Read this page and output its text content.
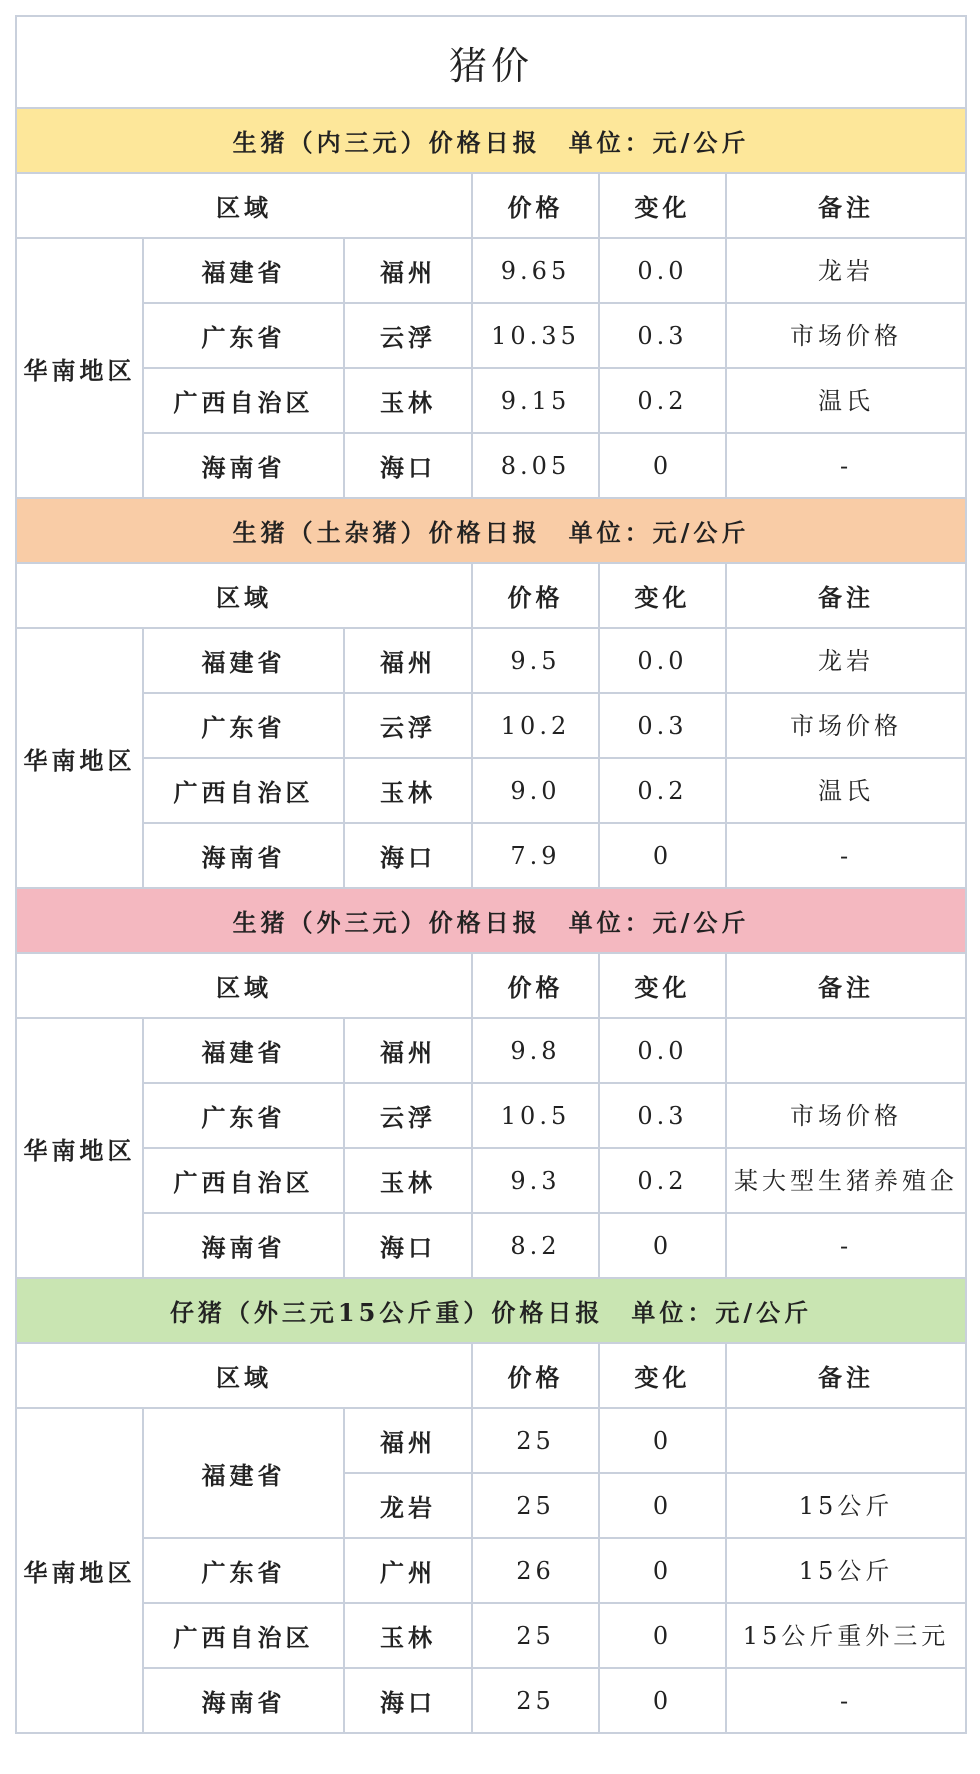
猪价					
生猪（内三元）价格日报　单位：元/公斤					
区域			价格	变化	备注
华南地区	福建省	福州	9.65	0.0	龙岩
	广东省	云浮	10.35	0.3	市场价格
	广西自治区	玉林	9.15	0.2	温氏
	海南省	海口	8.05	0	-
生猪（土杂猪）价格日报　单位：元/公斤					
区域			价格	变化	备注
华南地区	福建省	福州	9.5	0.0	龙岩
	广东省	云浮	10.2	0.3	市场价格
	广西自治区	玉林	9.0	0.2	温氏
	海南省	海口	7.9	0	-
生猪（外三元）价格日报　单位：元/公斤					
区域			价格	变化	备注
华南地区	福建省	福州	9.8	0.0	
	广东省	云浮	10.5	0.3	市场价格
	广西自治区	玉林	9.3	0.2	某大型生猪养殖企
	海南省	海口	8.2	0	-
仔猪（外三元15公斤重）价格日报　单位：元/公斤					
区域			价格	变化	备注
华南地区	福建省	福州	25	0	
		龙岩	25	0	15公斤
	广东省	广州	26	0	15公斤
	广西自治区	玉林	25	0	15公斤重外三元
	海南省	海口	25	0	-
